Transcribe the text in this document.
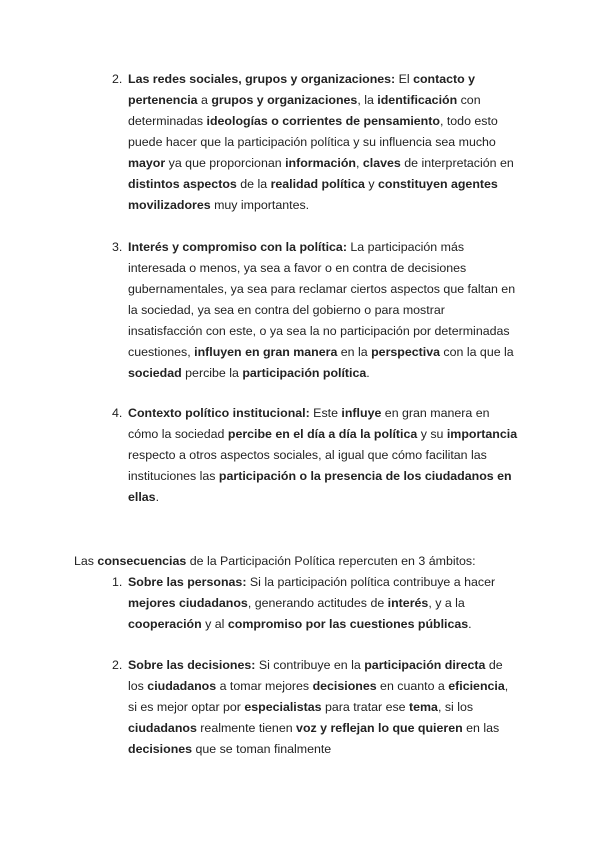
2. Las redes sociales, grupos y organizaciones: El contacto y
pertenencia a grupos y organizaciones, la identificación con
determinadas ideologías o corrientes de pensamiento, todo esto
puede hacer que la participación política y su influencia sea mucho
mayor ya que proporcionan información, claves de interpretación en
distintos aspectos de la realidad política y constituyen agentes
movilizadores muy importantes.
3. Interés y compromiso con la política: La participación más
interesada o menos, ya sea a favor o en contra de decisiones
gubernamentales, ya sea para reclamar ciertos aspectos que faltan en
la sociedad, ya sea en contra del gobierno o para mostrar
insatisfacción con este, o ya sea la no participación por determinadas
cuestiones, influyen en gran manera en la perspectiva con la que la
sociedad percibe la participación política.
4. Contexto político institucional: Este influye en gran manera en
cómo la sociedad percibe en el día a día la política y su importancia
respecto a otros aspectos sociales, al igual que cómo facilitan las
instituciones las participación o la presencia de los ciudadanos en
ellas.
Las consecuencias de la Participación Política repercuten en 3 ámbitos:
1. Sobre las personas: Si la participación política contribuye a hacer
mejores ciudadanos, generando actitudes de interés, y a la
cooperación y al compromiso por las cuestiones públicas.
2. Sobre las decisiones: Si contribuye en la participación directa de
los ciudadanos a tomar mejores decisiones en cuanto a eficiencia,
si es mejor optar por especialistas para tratar ese tema, si los
ciudadanos realmente tienen voz y reflejan lo que quieren en las
decisiones que se toman finalmente
